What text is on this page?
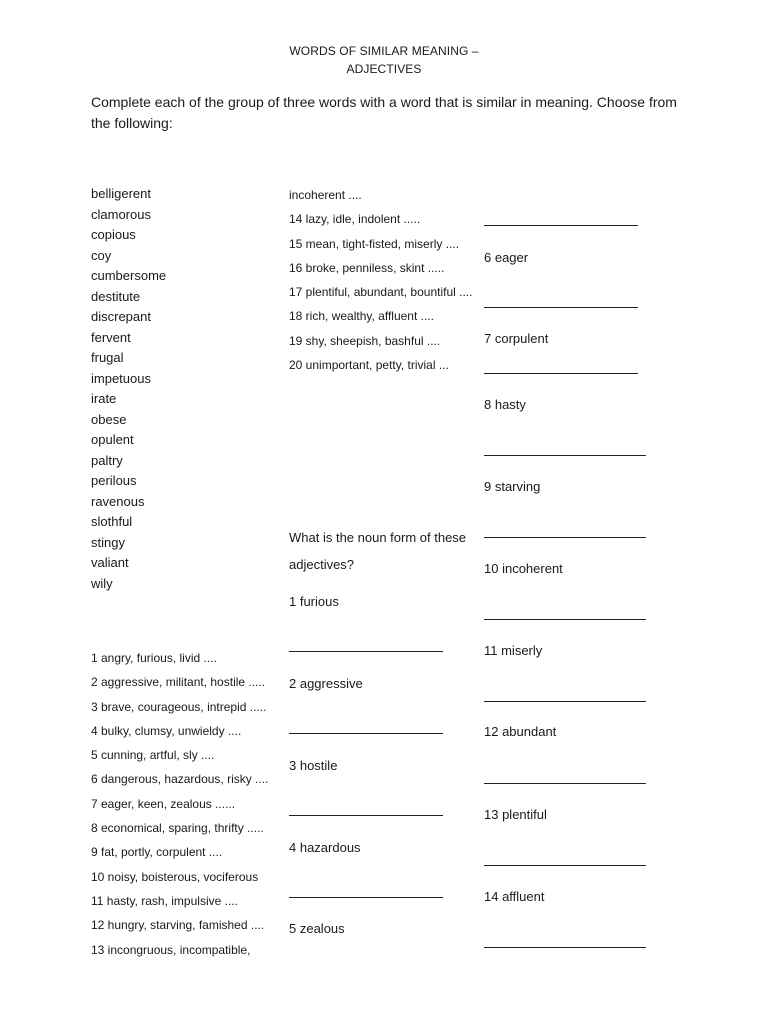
WORDS OF SIMILAR MEANING –
ADJECTIVES
Complete each of the group of three words with a word that is similar in meaning. Choose from the following:
belligerent
clamorous
copious
coy
cumbersome
destitute
discrepant
fervent
frugal
impetuous
irate
obese
opulent
paltry
perilous
ravenous
slothful
stingy
valiant
wily
1 angry, furious, livid ....
2 aggressive, militant, hostile .....
3 brave, courageous, intrepid .....
4 bulky, clumsy, unwieldy ....
5 cunning, artful, sly ....
6 dangerous, hazardous, risky ....
7 eager, keen, zealous ......
8 economical, sparing, thrifty .....
9 fat, portly, corpulent ....
10 noisy, boisterous, vociferous
11 hasty, rash, impulsive ....
12 hungry, starving, famished ....
13 incongruous, incompatible,
incoherent ....
14 lazy, idle, indolent .....
15 mean, tight-fisted, miserly ....
16 broke, penniless, skint .....
17 plentiful, abundant, bountiful ....
18 rich, wealthy, affluent ....
19 shy, sheepish, bashful ....
20 unimportant, petty, trivial ...
What is the noun form of these adjectives?
1 furious
2 aggressive
3 hostile
4 hazardous
5 zealous
6 eager
7 corpulent
8 hasty
9 starving
10 incoherent
11 miserly
12 abundant
13 plentiful
14 affluent
